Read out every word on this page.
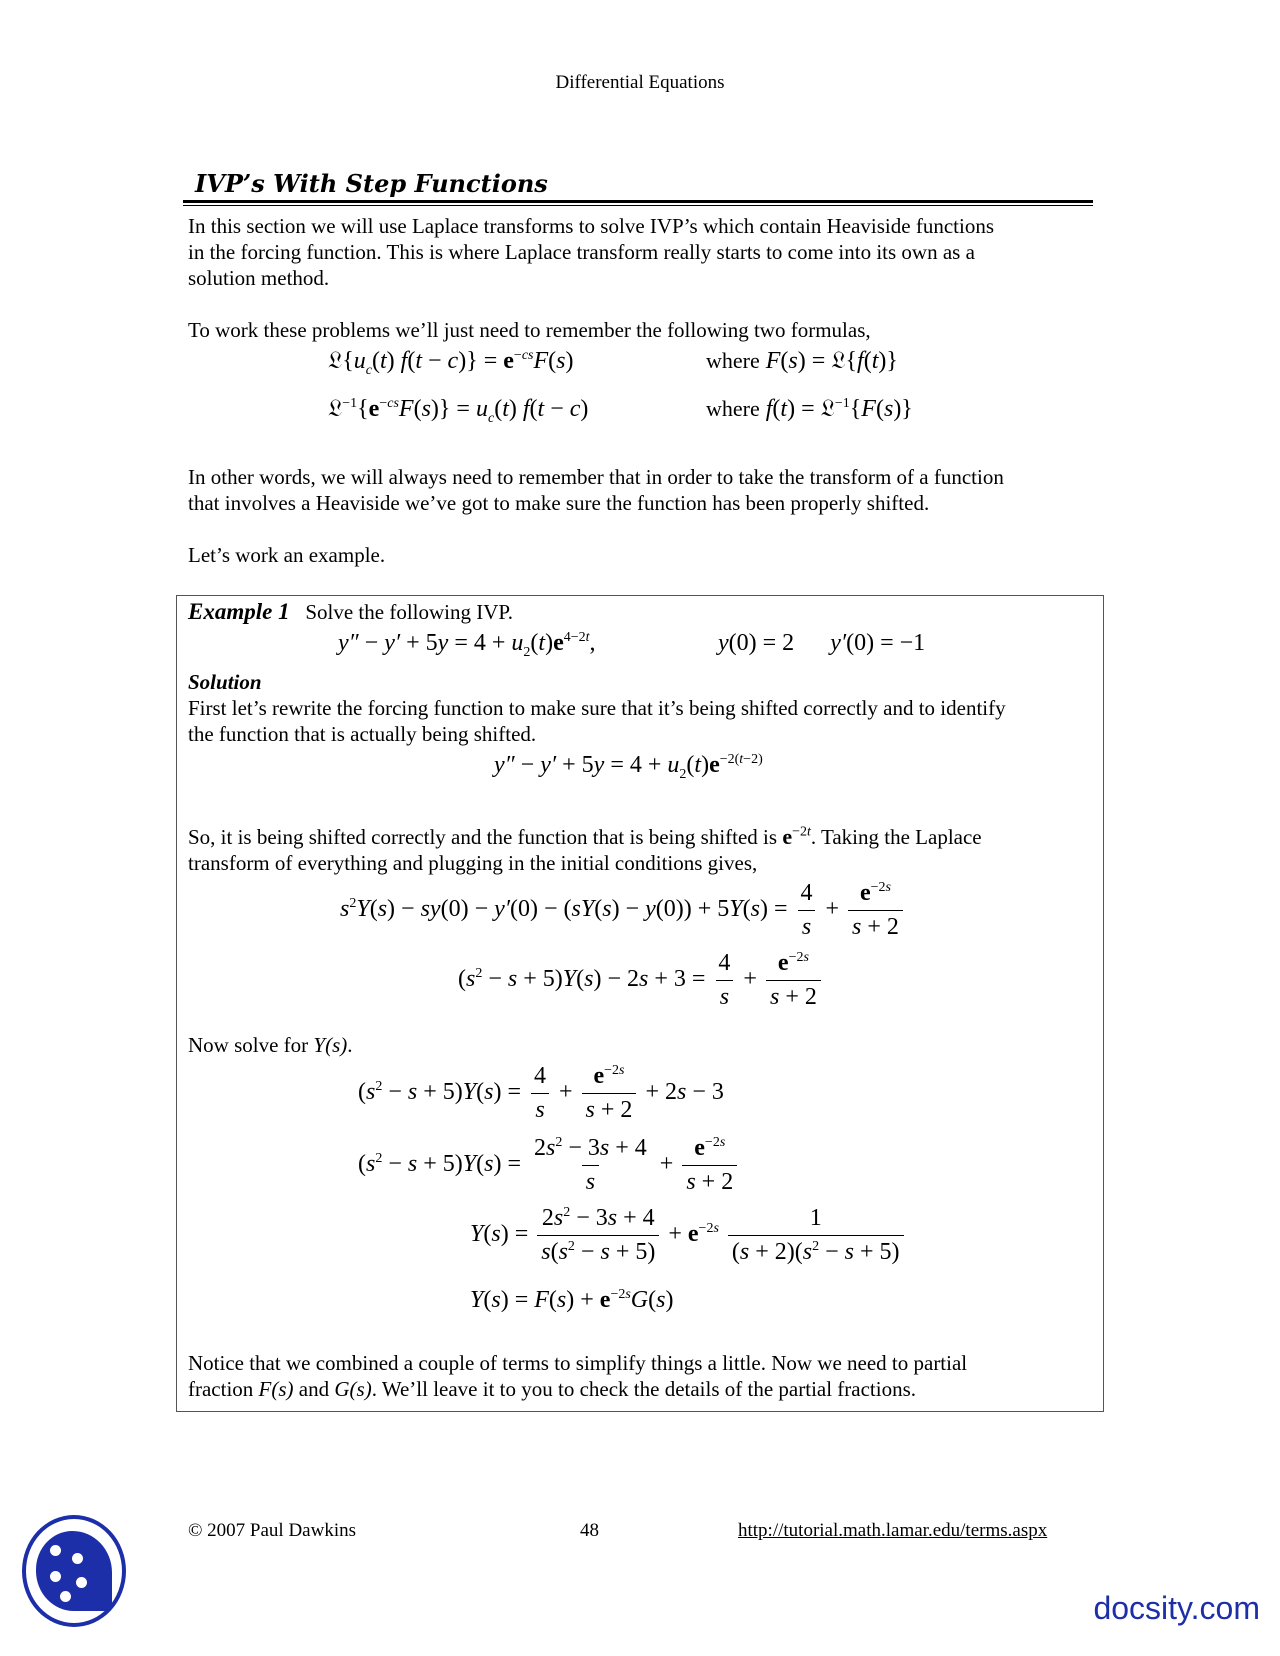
Differential Equations
IVP’s With Step Functions
In this section we will use Laplace transforms to solve IVP’s which contain Heaviside functions
in the forcing function. This is where Laplace transform really starts to come into its own as a
solution method.
To work these problems we’ll just need to remember the following two formulas,
$𝔏\{u_c(t) f(t - c)\} = e^{-cs}F(s)$	where F(s) = 𝔏{f(t)}
$𝔏^{-1}\{e^{-cs}F(s)\} = u_c(t) f(t - c)$	where f(t) = 𝔏$^{-1}${F(s)}
In other words, we will always need to remember that in order to take the transform of a function
that involves a Heaviside we’ve got to make sure the function has been properly shifted.
Let’s work an example.
Example 1 Solve the following IVP.
$y'' - y' + 5y = 4 + u_2(t)e^{4-2t}$,	y(0) = 2      y′(0) = −1
Solution
First let’s rewrite the forcing function to make sure that it’s being shifted correctly and to identify
the function that is actually being shifted.
$y'' - y' + 5y = 4 + u_2(t)e^{-2(t-2)}$
So, it is being shifted correctly and the function that is being shifted is $e^{-2t}$. Taking the Laplace
transform of everything and plugging in the initial conditions gives,
$s^2Y(s) - sy(0) - y'(0) - (sY(s) - y(0)) + 5Y(s) = \frac{4}{s} + \frac{e^{-2s}}{s + 2}$
$(s^2 - s + 5)Y(s) - 2s + 3 = \frac{4}{s} + \frac{e^{-2s}}{s + 2}$
Now solve for Y(s).
$(s^2 - s + 5)Y(s) = \frac{4}{s} + \frac{e^{-2s}}{s + 2} + 2s - 3$
$(s^2 - s + 5)Y(s) = \frac{2s^2 - 3s + 4}{s} + \frac{e^{-2s}}{s + 2}$
$Y(s) = \frac{2s^2 - 3s + 4}{s(s^2 - s + 5)} + e^{-2s} \frac{1}{(s + 2)(s^2 - s + 5)}$
$Y(s) = F(s) + e^{-2s}G(s)$
Notice that we combined a couple of terms to simplify things a little. Now we need to partial
fraction F(s) and G(s). We’ll leave it to you to check the details of the partial fractions.
© 2007 Paul Dawkins	48	http://tutorial.math.lamar.edu/terms.aspx
docsity.com
